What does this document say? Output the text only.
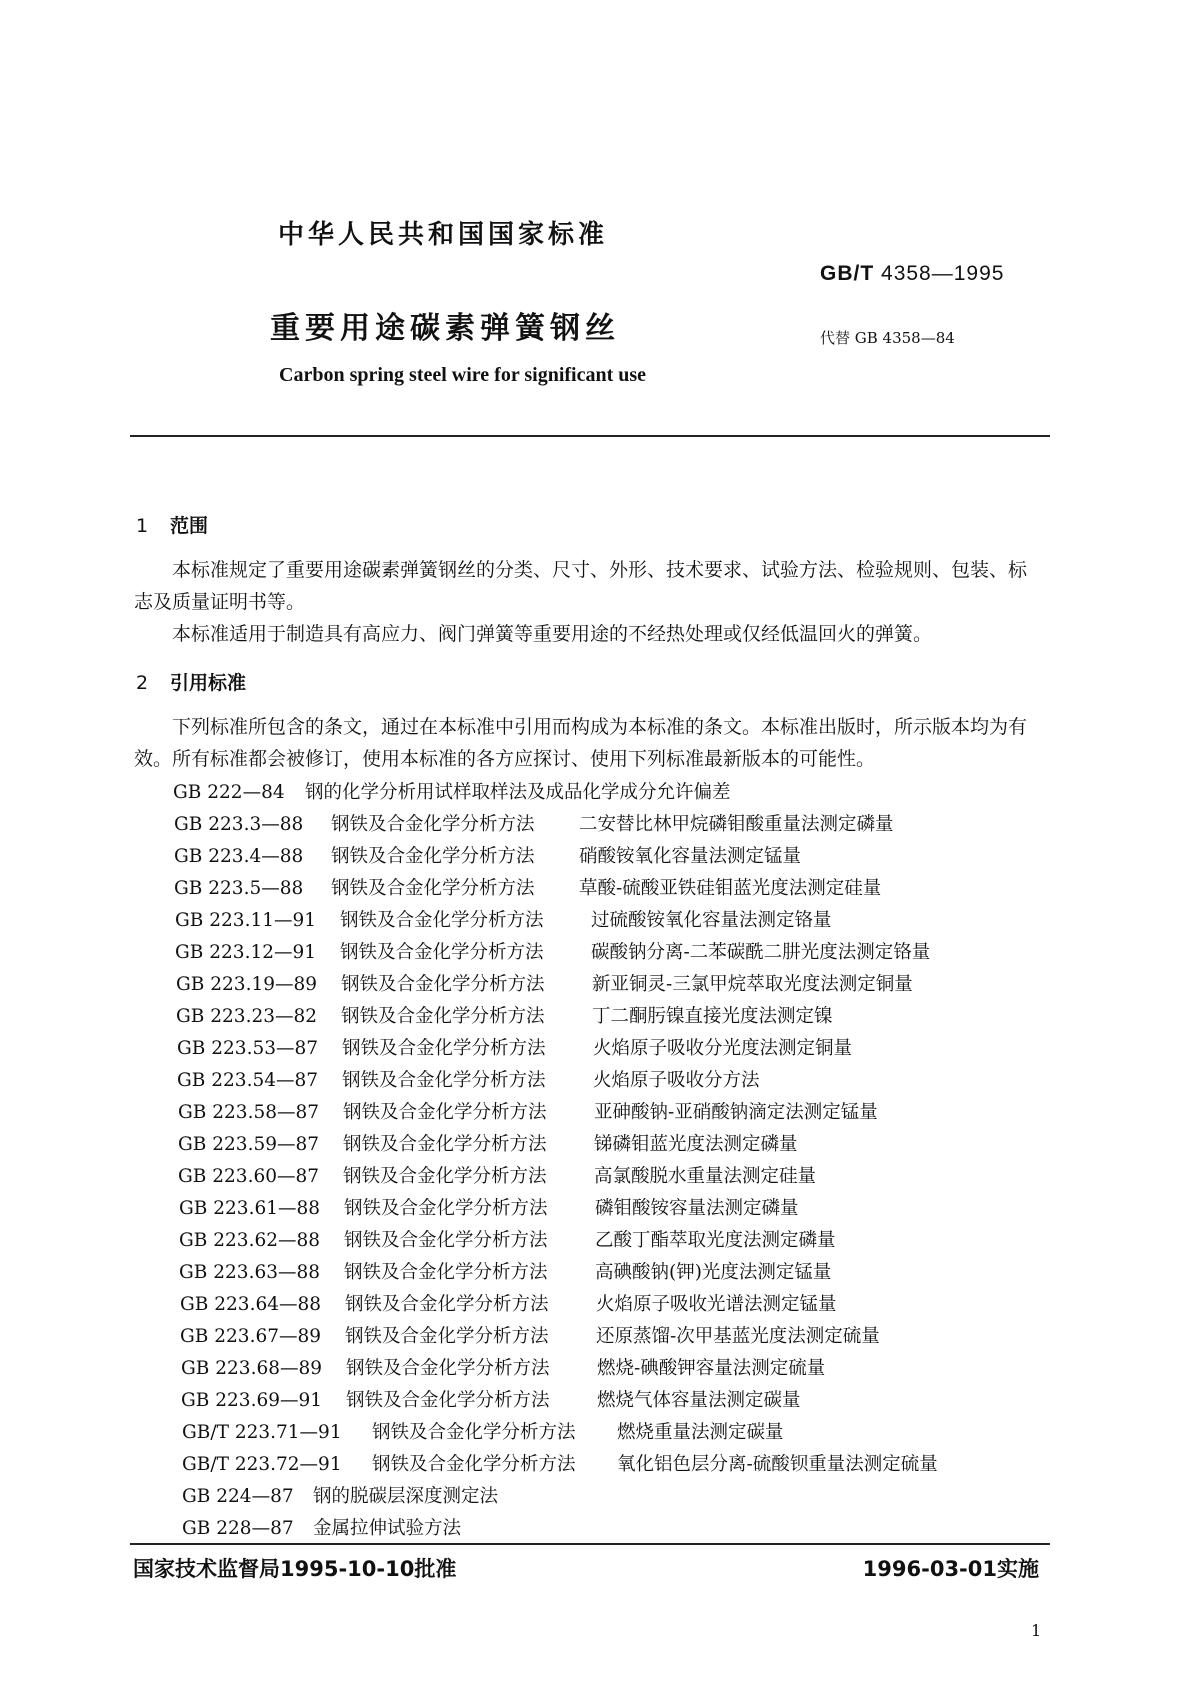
中华人民共和国国家标准
GB/T 4358—1995
重要用途碳素弹簧钢丝	代替 GB 4358—84
Carbon spring steel wire for significant use
1 范围

本标准规定了重要用途碳素弹簧钢丝的分类、尺寸、外形、技术要求、试验方法、检验规则、包装、标志及质量证明书等。

本标准适用于制造具有高应力、阀门弹簧等重要用途的不经热处理或仅经低温回火的弹簧。

2 引用标准

下列标准所包含的条文，通过在本标准中引用而构成为本标准的条文。本标准出版时，所示版本均为有效。所有标准都会被修订，使用本标准的各方应探讨、使用下列标准最新版本的可能性。

GB 222—84 钢的化学分析用试样取样法及成品化学成分允许偏差
GB 223.3—88 钢铁及合金化学分析方法 二安替比林甲烷磷钼酸重量法测定磷量
GB 223.4—88 钢铁及合金化学分析方法 硝酸铵氧化容量法测定锰量
GB 223.5—88 钢铁及合金化学分析方法 草酸-硫酸亚铁硅钼蓝光度法测定硅量
GB 223.11—91 钢铁及合金化学分析方法	过硫酸铵氧化容量法测定铬量
GB 223.12—91 钢铁及合金化学分析方法	碳酸钠分离-二苯碳酰二肼光度法测定铬量
GB 223.19—89 钢铁及合金化学分析方法	新亚铜灵-三氯甲烷萃取光度法测定铜量
GB 223.23—82 钢铁及合金化学分析方法	丁二酮肟镍直接光度法测定镍
GB 223.53—87 钢铁及合金化学分析方法	火焰原子吸收分光度法测定铜量
GB 223.54—87 钢铁及合金化学分析方法	火焰原子吸收分方法
GB 223.58—87 钢铁及合金化学分析方法	亚砷酸钠-亚硝酸钠滴定法测定锰量
GB 223.59—87 钢铁及合金化学分析方法	锑磷钼蓝光度法测定磷量
GB 223.60—87 钢铁及合金化学分析方法	高氯酸脱水重量法测定硅量
GB 223.61—88 钢铁及合金化学分析方法	磷钼酸铵容量法测定磷量
GB 223.62—88 钢铁及合金化学分析方法	乙酸丁酯萃取光度法测定磷量
GB 223.63—88 钢铁及合金化学分析方法	高碘酸钠(钾)光度法测定锰量
GB 223.64—88 钢铁及合金化学分析方法	火焰原子吸收光谱法测定锰量
GB 223.67—89 钢铁及合金化学分析方法	还原蒸馏-次甲基蓝光度法测定硫量
GB 223.68—89 钢铁及合金化学分析方法	燃烧-碘酸钾容量法测定硫量
GB 223.69—91 钢铁及合金化学分析方法	燃烧气体容量法测定碳量
GB/T 223.71—91 钢铁及合金化学分析方法 燃烧重量法测定碳量
GB/T 223.72—91 钢铁及合金化学分析方法 氧化铝色层分离-硫酸钡重量法测定硫量
GB 224—87 钢的脱碳层深度测定法
GB 228—87 金属拉伸试验方法
国家技术监督局1995-10-10批准	1996-03-01实施
1
